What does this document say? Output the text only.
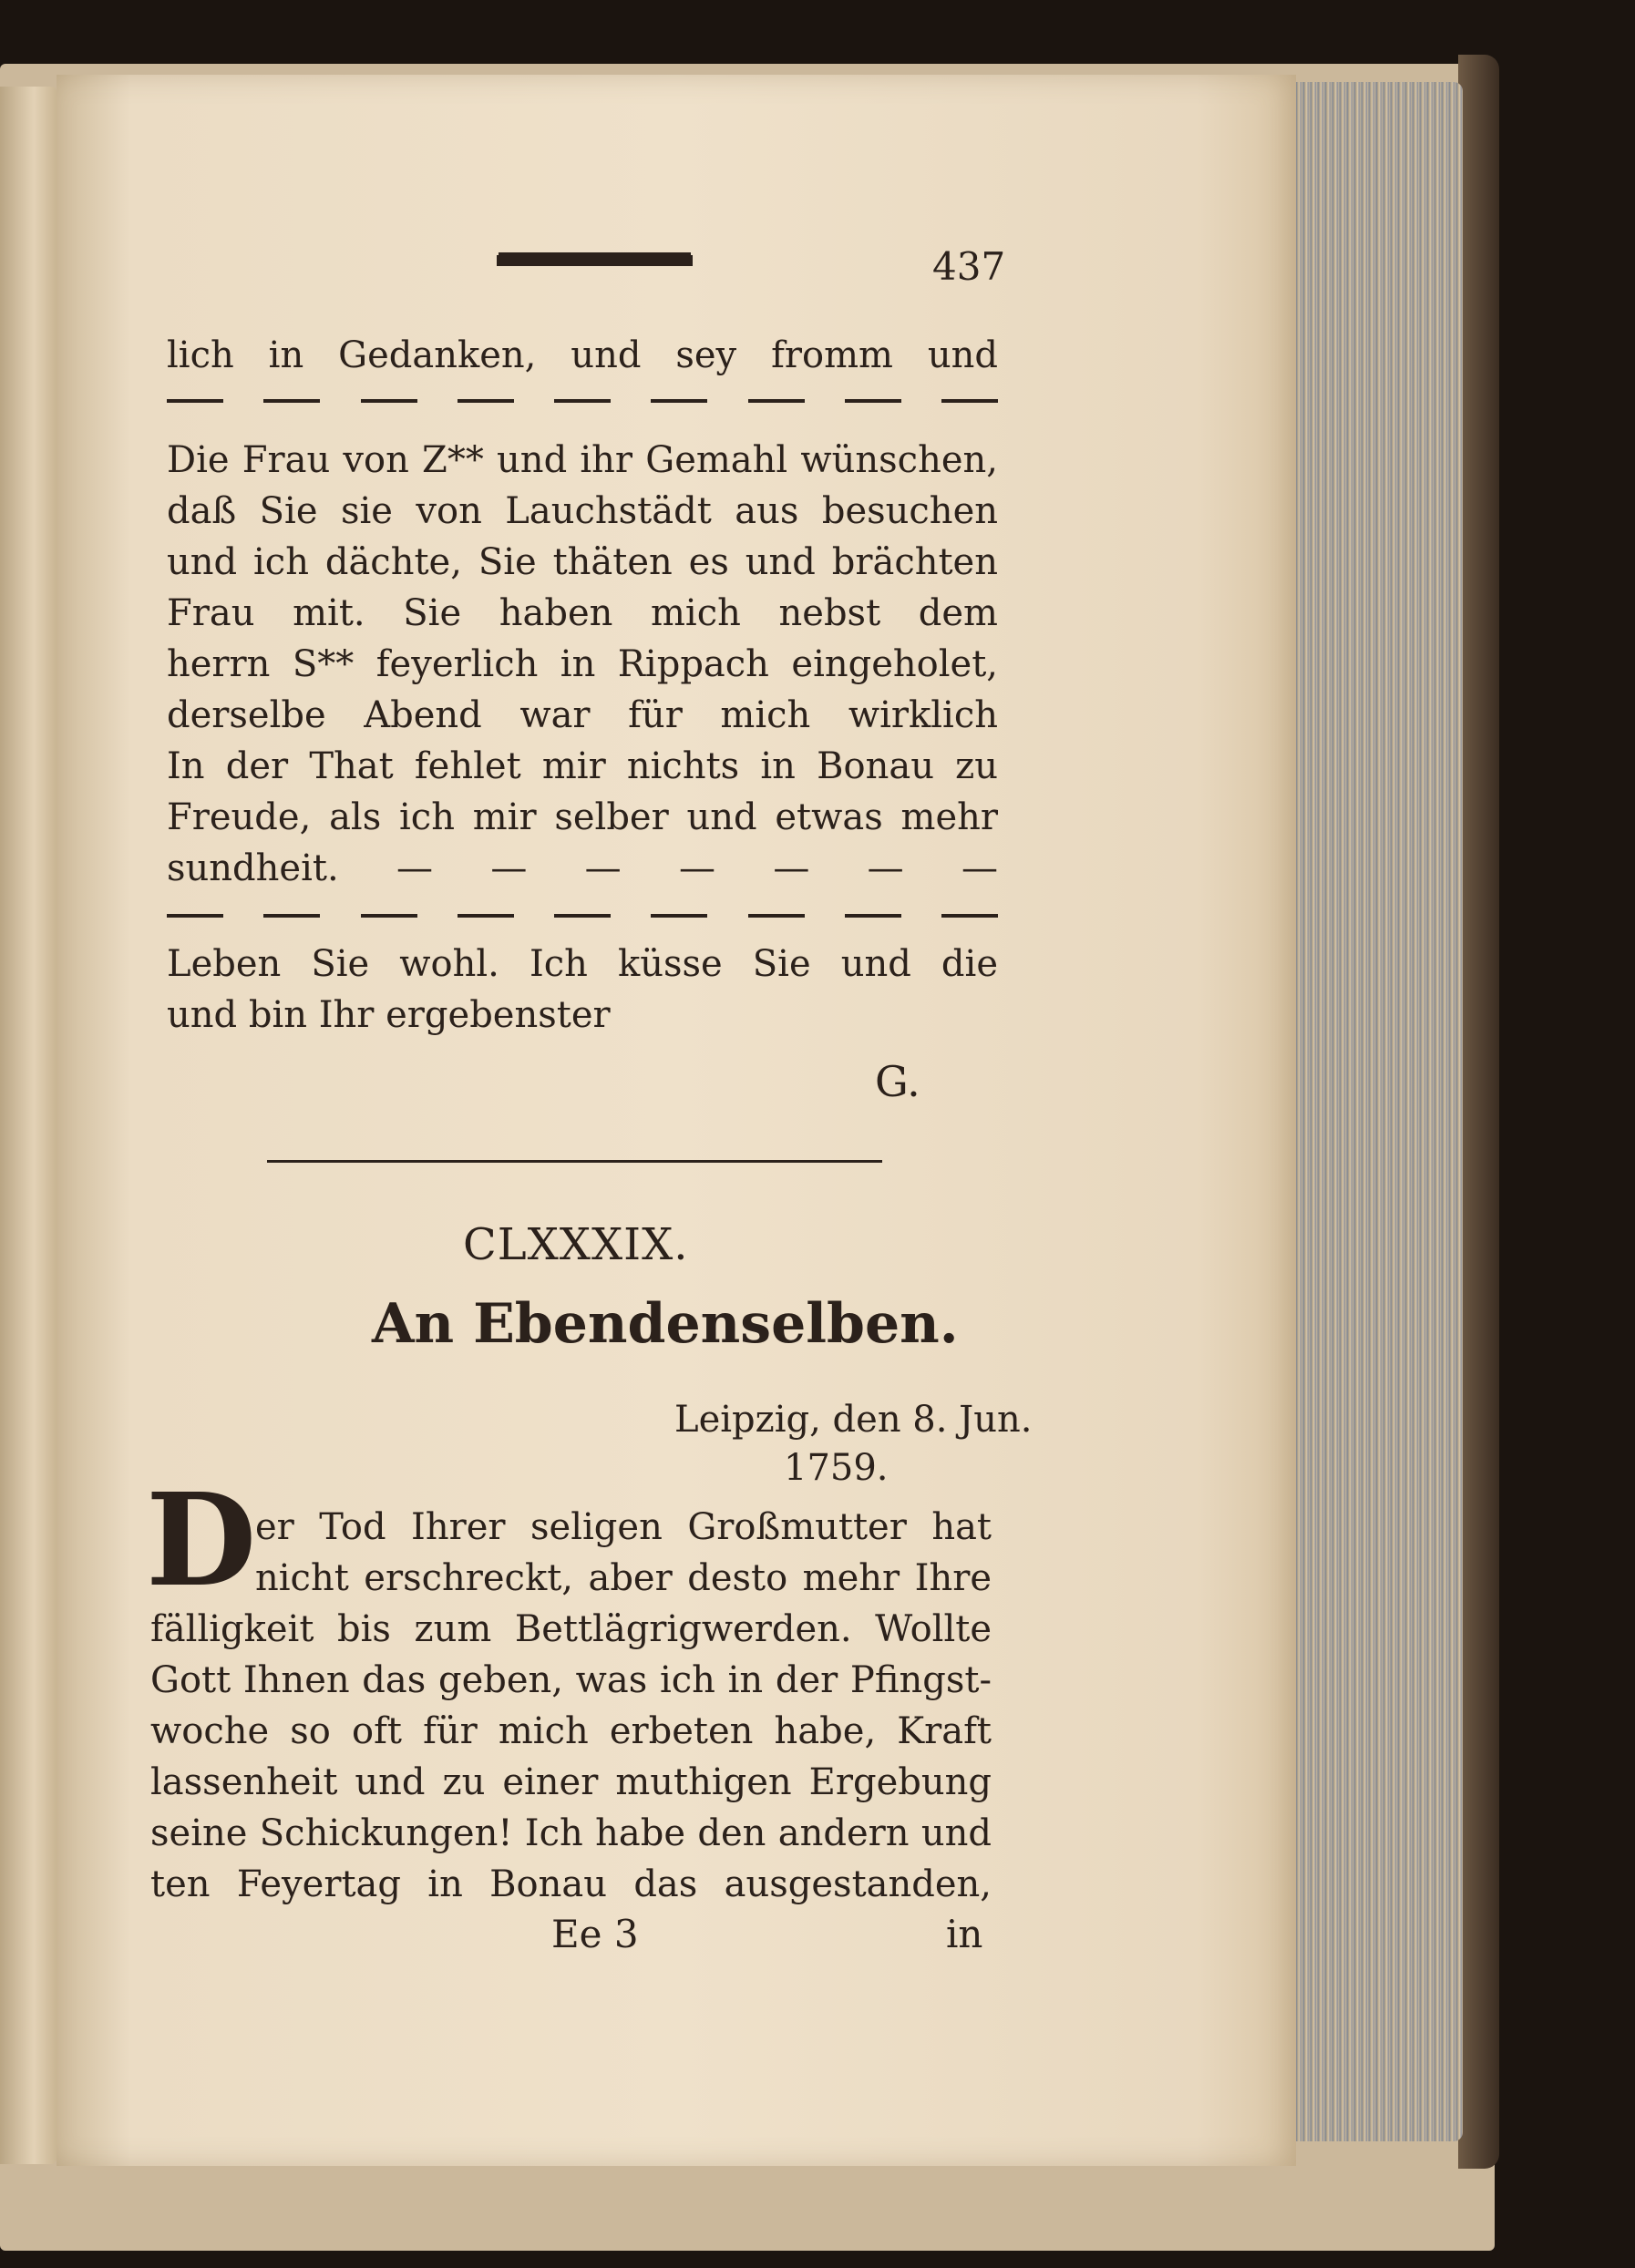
437
lich in Gedanken, und sey fromm und
Die Frau von Z** und ihr Gemahl wünschen,
daß Sie sie von Lauchstädt aus besuchen
und ich dächte, Sie thäten es und brächten
Frau mit. Sie haben mich nebst dem
herrn S** feyerlich in Rippach eingeholet,
derselbe Abend war für mich wirklich
In der That fehlet mir nichts in Bonau zu
Freude, als ich mir selber und etwas mehr
sundheit. — — — — — — —
Leben Sie wohl. Ich küsse Sie und die
und bin Ihr ergebenster
G.
CLXXXIX.
An Ebendenselben.
Leipzig, den 8. Jun.
1759.
D
er Tod Ihrer seligen Großmutter hat
nicht erschreckt, aber desto mehr Ihre
fälligkeit bis zum Bettlägrigwerden. Wollte
Gott Ihnen das geben, was ich in der Pfingst-
woche so oft für mich erbeten habe, Kraft
lassenheit und zu einer muthigen Ergebung
seine Schickungen! Ich habe den andern und
ten Feyertag in Bonau das ausgestanden,
Ee 3	in
